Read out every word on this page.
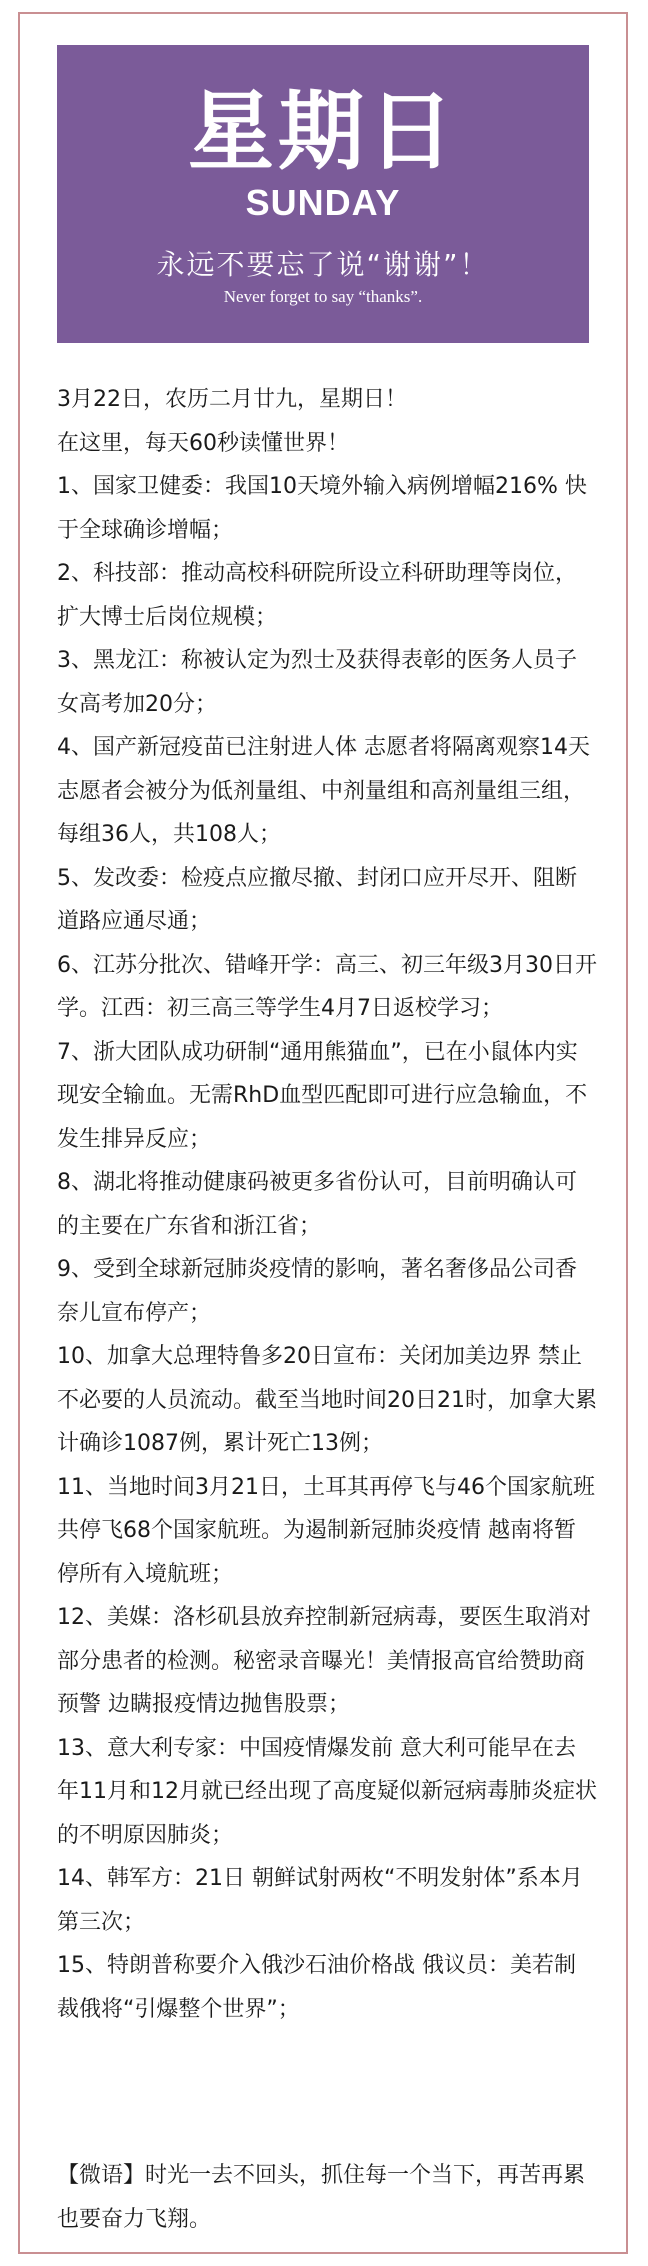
星期日
SUNDAY
永远不要忘了说“谢谢”！
Never forget to say “thanks”.

3月22日，农历二月廿九，星期日！

在这里，每天60秒读懂世界！

1、国家卫健委：我国10天境外输入病例增幅216% 快于全球确诊增幅；

2、科技部：推动高校科研院所设立科研助理等岗位，扩大博士后岗位规模；

3、黑龙江：称被认定为烈士及获得表彰的医务人员子女高考加20分；

4、国产新冠疫苗已注射进人体 志愿者将隔离观察14天 志愿者会被分为低剂量组、中剂量组和高剂量组三组，每组36人，共108人；

5、发改委：检疫点应撤尽撤、封闭口应开尽开、阻断道路应通尽通；

6、江苏分批次、错峰开学：高三、初三年级3月30日开学。江西：初三高三等学生4月7日返校学习；

7、浙大团队成功研制“通用熊猫血”，已在小鼠体内实现安全输血。无需RhD血型匹配即可进行应急输血，不发生排异反应；

8、湖北将推动健康码被更多省份认可，目前明确认可的主要在广东省和浙江省；

9、受到全球新冠肺炎疫情的影响，著名奢侈品公司香奈儿宣布停产；

10、加拿大总理特鲁多20日宣布：关闭加美边界 禁止不必要的人员流动。截至当地时间20日21时，加拿大累计确诊1087例，累计死亡13例；

11、当地时间3月21日，土耳其再停飞与46个国家航班 共停飞68个国家航班。为遏制新冠肺炎疫情 越南将暂停所有入境航班；

12、美媒：洛杉矶县放弃控制新冠病毒，要医生取消对部分患者的检测。秘密录音曝光！美情报高官给赞助商预警 边瞒报疫情边抛售股票；

13、意大利专家：中国疫情爆发前 意大利可能早在去年11月和12月就已经出现了高度疑似新冠病毒肺炎症状的不明原因肺炎；

14、韩军方：21日 朝鲜试射两枚“不明发射体”系本月第三次；

15、特朗普称要介入俄沙石油价格战 俄议员：美若制裁俄将“引爆整个世界”；

【微语】时光一去不回头，抓住每一个当下，再苦再累也要奋力飞翔。
